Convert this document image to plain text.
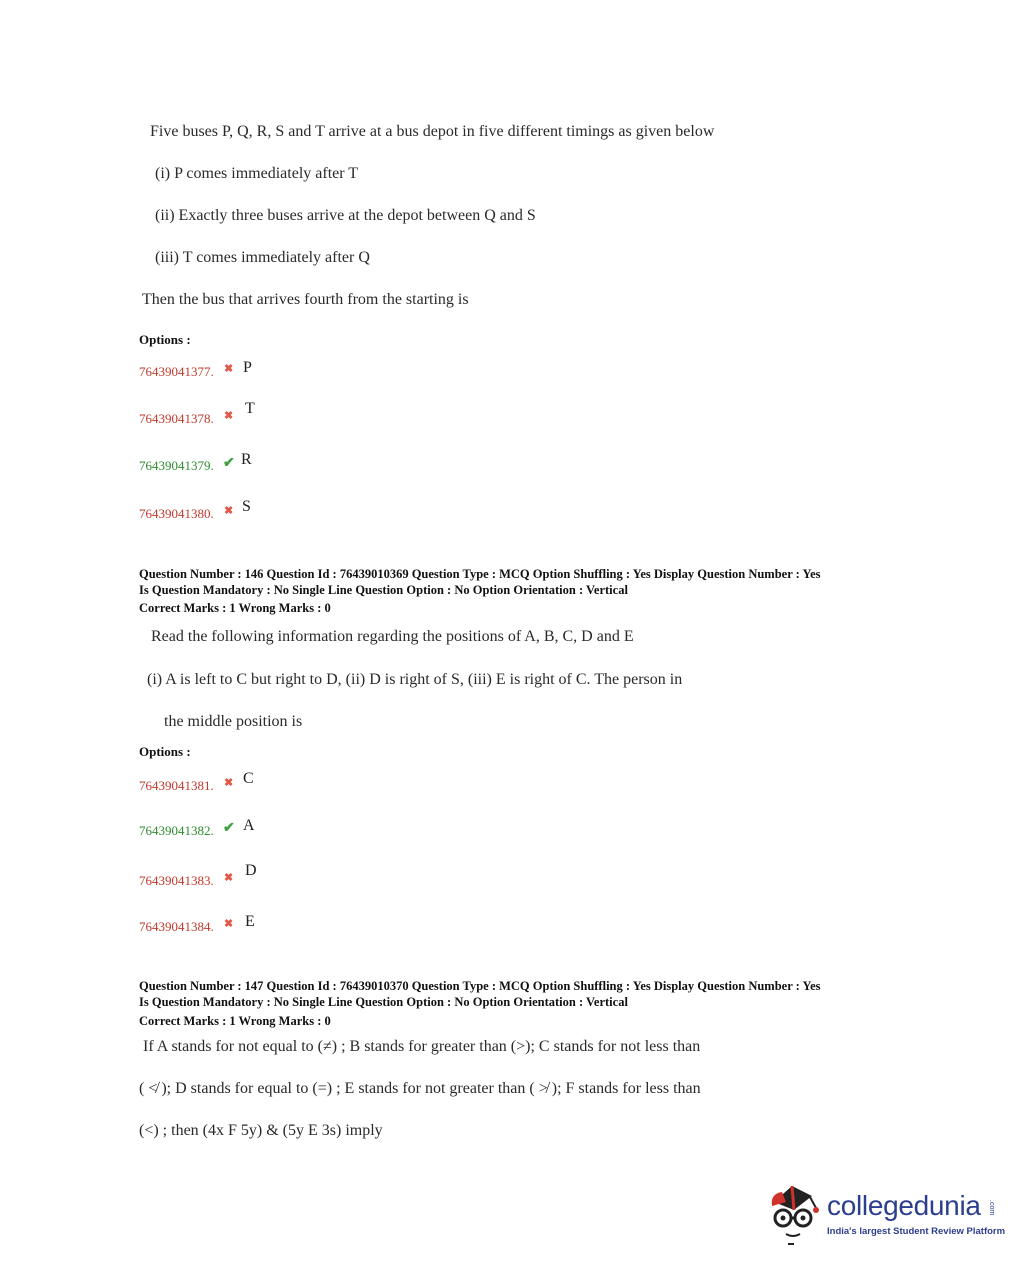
Five buses P, Q, R, S and T arrive at a bus depot in five different timings as given below
(i) P comes immediately after T
(ii) Exactly three buses arrive at the depot between Q and S
(iii) T comes immediately after Q
Then the bus that arrives fourth from the starting is
Options :
76439041377. ✖ P
76439041378. ✖ T
76439041379. ✔ R
76439041380. ✖ S
Question Number : 146 Question Id : 76439010369 Question Type : MCQ Option Shuffling : Yes Display Question Number : Yes
Is Question Mandatory : No Single Line Question Option : No Option Orientation : Vertical
Correct Marks : 1 Wrong Marks : 0
Read the following information regarding the positions of A, B, C, D and E
(i) A is left to C but right to D, (ii) D is right of S, (iii) E is right of C. The person in
the middle position is
Options :
76439041381. ✖ C
76439041382. ✔ A
76439041383. ✖ D
76439041384. ✖ E
Question Number : 147 Question Id : 76439010370 Question Type : MCQ Option Shuffling : Yes Display Question Number : Yes
Is Question Mandatory : No Single Line Question Option : No Option Orientation : Vertical
Correct Marks : 1 Wrong Marks : 0
If A stands for not equal to (≠) ; B stands for greater than (>); C stands for not less than
( ≮ ); D stands for equal to (=) ; E stands for not greater than ( ≯ ); F stands for less than
(<) ; then (4x F 5y) & (5y E 3s) imply
collegedunia .com
India's largest Student Review Platform
